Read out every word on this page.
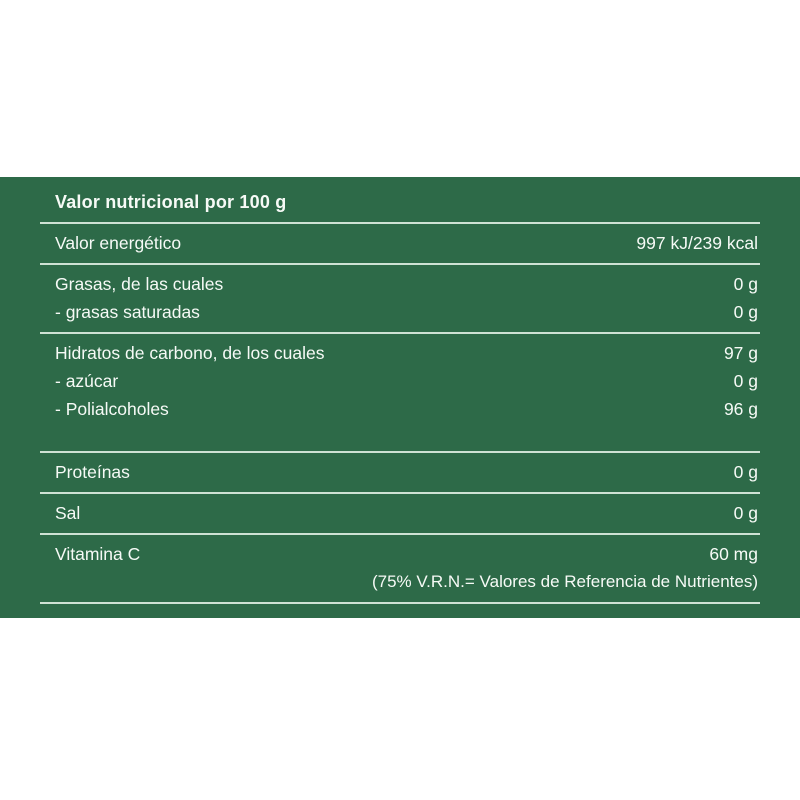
Valor nutricional por 100 g
Valor energético	997 kJ/239 kcal
Grasas, de las cuales	0 g
- grasas saturadas	0 g
Hidratos de carbono, de los cuales	97 g
- azúcar	0 g
- Polialcoholes	96 g
Proteínas	0 g
Sal	0 g
Vitamina C	60 mg
(75% V.R.N.= Valores de Referencia de Nutrientes)
